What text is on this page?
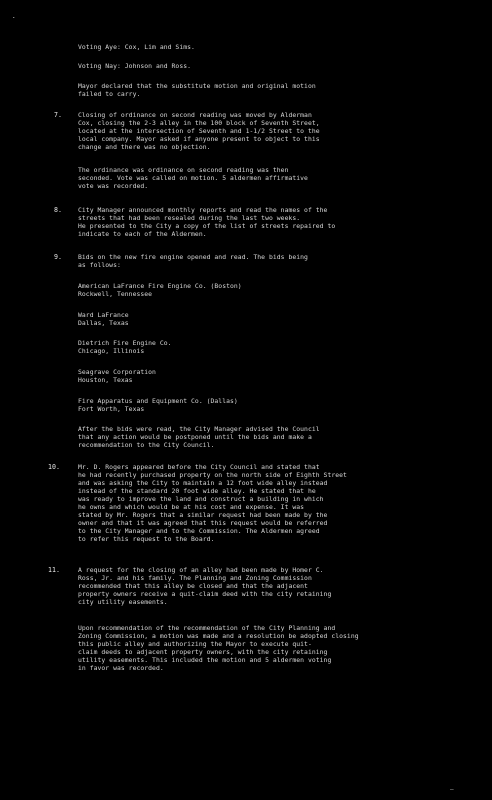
.
Voting Aye: Cox, Lim and Sims.
Voting Nay: Johnson and Ross.
Mayor declared that the substitute motion and original motion
failed to carry.
7.	Closing of ordinance on second reading was moved by Alderman
Cox, closing the 2-3 alley in the 100 block of Seventh Street,
located at the intersection of Seventh and 1-1/2 Street to the
local company. Mayor asked if anyone present to object to this
change and there was no objection.
The ordinance was ordinance on second reading was then
seconded. Vote was called on motion. 5 aldermen affirmative
vote was recorded.
8.	City Manager announced monthly reports and read the names of the
streets that had been resealed during the last two weeks.
He presented to the City a copy of the list of streets repaired to
indicate to each of the Aldermen.
9.	Bids on the new fire engine opened and read. The bids being
as follows:
American LaFrance Fire Engine Co. (Boston)
Rockwell, Tennessee
Ward LaFrance
Dallas, Texas
Dietrich Fire Engine Co.
Chicago, Illinois
Seagrave Corporation
Houston, Texas
Fire Apparatus and Equipment Co. (Dallas)
Fort Worth, Texas
After the bids were read, the City Manager advised the Council
that any action would be postponed until the bids and make a
recommendation to the City Council.
10.	Mr. D. Rogers appeared before the City Council and stated that
he had recently purchased property on the north side of Eighth Street
and was asking the City to maintain a 12 foot wide alley instead
instead of the standard 20 foot wide alley. He stated that he
was ready to improve the land and construct a building in which
he owns and which would be at his cost and expense. It was
stated by Mr. Rogers that a similar request had been made by the
owner and that it was agreed that this request would be referred
to the City Manager and to the Commission. The Aldermen agreed
to refer this request to the Board.
11.	A request for the closing of an alley had been made by Homer C.
Ross, Jr. and his family. The Planning and Zoning Commission
recommended that this alley be closed and that the adjacent
property owners receive a quit-claim deed with the city retaining
city utility easements.
Upon recommendation of the recommendation of the City Planning and
Zoning Commission, a motion was made and a resolution be adopted closing
this public alley and authorizing the Mayor to execute quit-
claim deeds to adjacent property owners, with the city retaining
utility easements. This included the motion and 5 aldermen voting
in favor was recorded.
—
